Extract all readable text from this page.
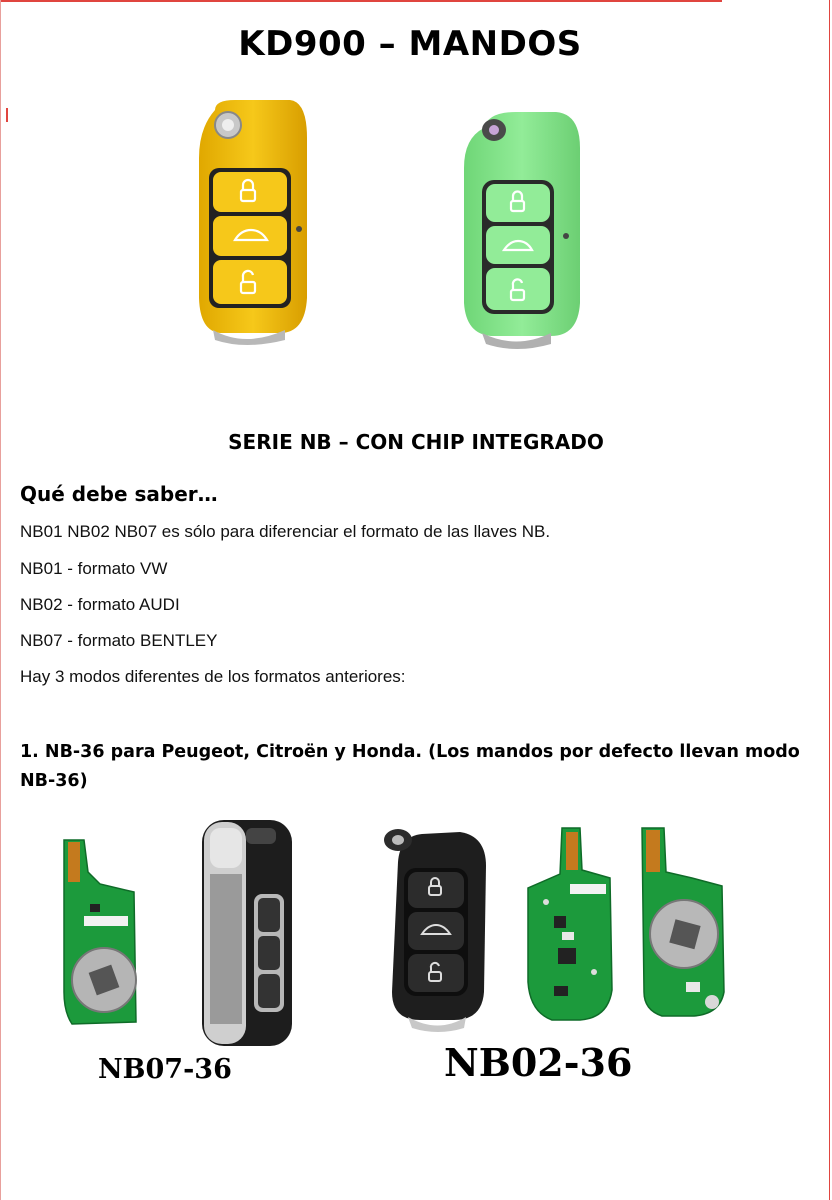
KD900 – MANDOS
SERIE NB – CON CHIP INTEGRADO
Qué debe saber…

NB01 NB02 NB07 es sólo para diferenciar el formato de las llaves NB.

NB01 - formato VW

NB02 - formato AUDI

NB07 - formato BENTLEY

Hay 3 modos diferentes de los formatos anteriores:

1. NB-36 para Peugeot, Citroën y Honda. (Los mandos por defecto llevan modo NB-36)

NB07-36	NB02-36
